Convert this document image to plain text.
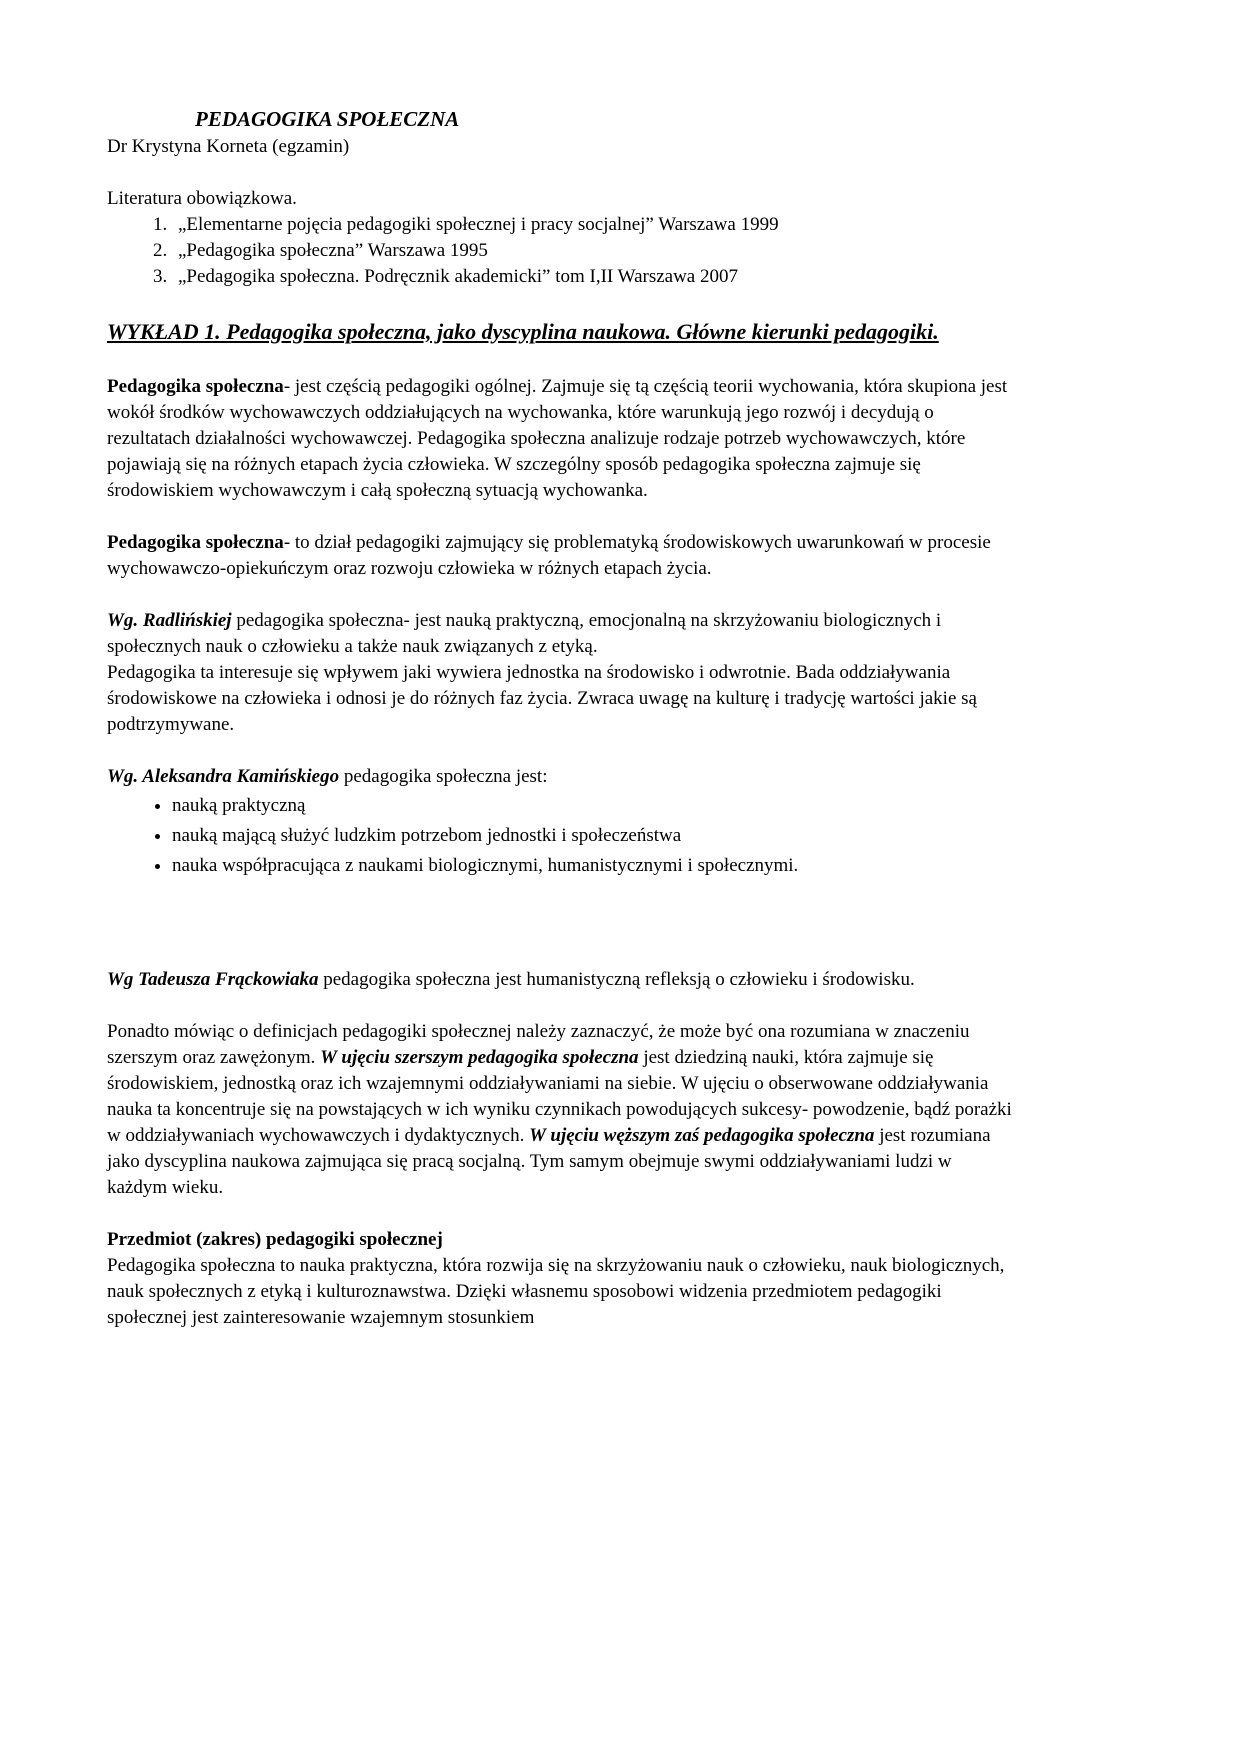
PEDAGOGIKA SPOŁECZNA

Dr Krystyna Korneta (egzamin)

Literatura obowiązkowa.

1. „Elementarne pojęcia pedagogiki społecznej i pracy socjalnej” Warszawa 1999
2. „Pedagogika społeczna” Warszawa 1995
3. „Pedagogika społeczna. Podręcznik akademicki” tom I,II Warszawa 2007
WYKŁAD 1. Pedagogika społeczna, jako dyscyplina naukowa. Główne kierunki pedagogiki.

Pedagogika społeczna- jest częścią pedagogiki ogólnej. Zajmuje się tą częścią teorii wychowania, która skupiona jest wokół środków wychowawczych oddziałujących na wychowanka, które warunkują jego rozwój i decydują o rezultatach działalności wychowawczej. Pedagogika społeczna analizuje rodzaje potrzeb wychowawczych, które pojawiają się na różnych etapach życia człowieka. W szczególny sposób pedagogika społeczna zajmuje się środowiskiem wychowawczym i całą społeczną sytuacją wychowanka.

Pedagogika społeczna- to dział pedagogiki zajmujący się problematyką środowiskowych uwarunkowań w procesie wychowawczo-opiekuńczym oraz rozwoju człowieka w różnych etapach życia.

Wg. Radlińskiej pedagogika społeczna- jest nauką praktyczną, emocjonalną na skrzyżowaniu biologicznych i społecznych nauk o człowieku a także nauk związanych z etyką.
Pedagogika ta interesuje się wpływem jaki wywiera jednostka na środowisko i odwrotnie. Bada oddziaływania środowiskowe na człowieka i odnosi je do różnych faz życia. Zwraca uwagę na kulturę i tradycję wartości jakie są podtrzymywane.

Wg. Aleksandra Kamińskiego pedagogika społeczna jest:

• nauką praktyczną
• nauką mającą służyć ludzkim potrzebom jednostki i społeczeństwa
• nauka współpracująca z naukami biologicznymi, humanistycznymi i społecznymi.

Wg Tadeusza Frąckowiaka pedagogika społeczna jest humanistyczną refleksją o człowieku i środowisku.

Ponadto mówiąc o definicjach pedagogiki społecznej należy zaznaczyć, że może być ona rozumiana w znaczeniu szerszym oraz zawężonym. W ujęciu szerszym pedagogika społeczna jest dziedziną nauki, która zajmuje się środowiskiem, jednostką oraz ich wzajemnymi oddziaływaniami na siebie. W ujęciu o obserwowane oddziaływania nauka ta koncentruje się na powstających w ich wyniku czynnikach powodujących sukcesy- powodzenie, bądź porażki w oddziaływaniach wychowawczych i dydaktycznych. W ujęciu węższym zaś pedagogika społeczna jest rozumiana jako dyscyplina naukowa zajmująca się pracą socjalną. Tym samym obejmuje swymi oddziaływaniami ludzi w każdym wieku.

Przedmiot (zakres) pedagogiki społecznej
Pedagogika społeczna to nauka praktyczna, która rozwija się na skrzyżowaniu nauk o człowieku, nauk biologicznych, nauk społecznych z etyką i kulturoznawstwa. Dzięki własnemu sposobowi widzenia przedmiotem pedagogiki społecznej jest zainteresowanie wzajemnym stosunkiem
